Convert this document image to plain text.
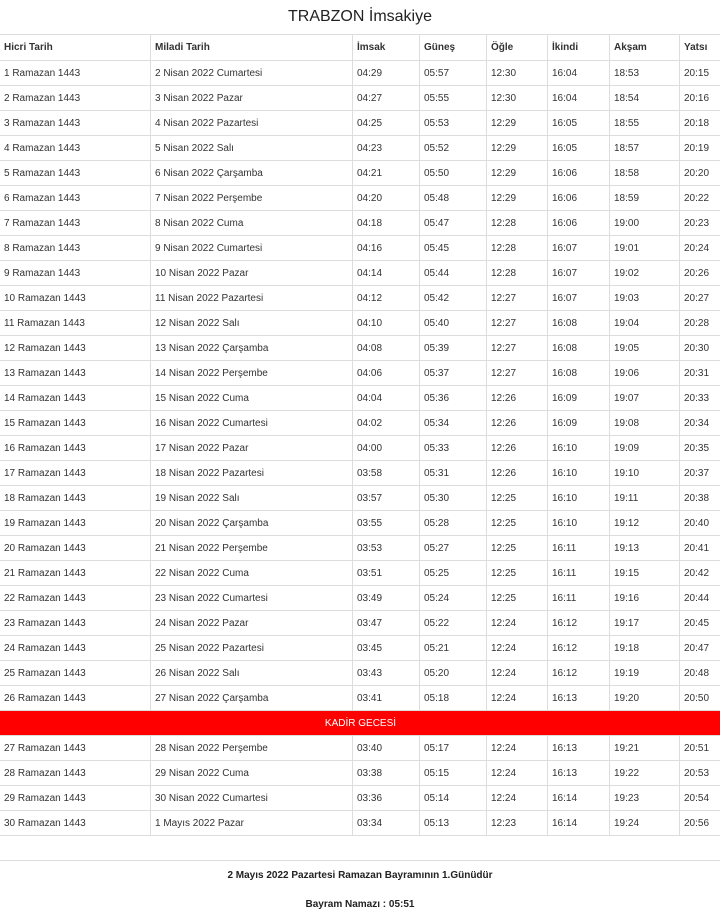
TRABZON İmsakiye
Hicri Tarih	Miladi Tarih	İmsak	Güneş	Öğle	İkindi	Akşam	Yatsı
1 Ramazan 1443	2 Nisan 2022 Cumartesi	04:29	05:57	12:30	16:04	18:53	20:15
2 Ramazan 1443	3 Nisan 2022 Pazar	04:27	05:55	12:30	16:04	18:54	20:16
3 Ramazan 1443	4 Nisan 2022 Pazartesi	04:25	05:53	12:29	16:05	18:55	20:18
4 Ramazan 1443	5 Nisan 2022 Salı	04:23	05:52	12:29	16:05	18:57	20:19
5 Ramazan 1443	6 Nisan 2022 Çarşamba	04:21	05:50	12:29	16:06	18:58	20:20
6 Ramazan 1443	7 Nisan 2022 Perşembe	04:20	05:48	12:29	16:06	18:59	20:22
7 Ramazan 1443	8 Nisan 2022 Cuma	04:18	05:47	12:28	16:06	19:00	20:23
8 Ramazan 1443	9 Nisan 2022 Cumartesi	04:16	05:45	12:28	16:07	19:01	20:24
9 Ramazan 1443	10 Nisan 2022 Pazar	04:14	05:44	12:28	16:07	19:02	20:26
10 Ramazan 1443	11 Nisan 2022 Pazartesi	04:12	05:42	12:27	16:07	19:03	20:27
11 Ramazan 1443	12 Nisan 2022 Salı	04:10	05:40	12:27	16:08	19:04	20:28
12 Ramazan 1443	13 Nisan 2022 Çarşamba	04:08	05:39	12:27	16:08	19:05	20:30
13 Ramazan 1443	14 Nisan 2022 Perşembe	04:06	05:37	12:27	16:08	19:06	20:31
14 Ramazan 1443	15 Nisan 2022 Cuma	04:04	05:36	12:26	16:09	19:07	20:33
15 Ramazan 1443	16 Nisan 2022 Cumartesi	04:02	05:34	12:26	16:09	19:08	20:34
16 Ramazan 1443	17 Nisan 2022 Pazar	04:00	05:33	12:26	16:10	19:09	20:35
17 Ramazan 1443	18 Nisan 2022 Pazartesi	03:58	05:31	12:26	16:10	19:10	20:37
18 Ramazan 1443	19 Nisan 2022 Salı	03:57	05:30	12:25	16:10	19:11	20:38
19 Ramazan 1443	20 Nisan 2022 Çarşamba	03:55	05:28	12:25	16:10	19:12	20:40
20 Ramazan 1443	21 Nisan 2022 Perşembe	03:53	05:27	12:25	16:11	19:13	20:41
21 Ramazan 1443	22 Nisan 2022 Cuma	03:51	05:25	12:25	16:11	19:15	20:42
22 Ramazan 1443	23 Nisan 2022 Cumartesi	03:49	05:24	12:25	16:11	19:16	20:44
23 Ramazan 1443	24 Nisan 2022 Pazar	03:47	05:22	12:24	16:12	19:17	20:45
24 Ramazan 1443	25 Nisan 2022 Pazartesi	03:45	05:21	12:24	16:12	19:18	20:47
25 Ramazan 1443	26 Nisan 2022 Salı	03:43	05:20	12:24	16:12	19:19	20:48
26 Ramazan 1443	27 Nisan 2022 Çarşamba	03:41	05:18	12:24	16:13	19:20	20:50
KADİR GECESİ							
27 Ramazan 1443	28 Nisan 2022 Perşembe	03:40	05:17	12:24	16:13	19:21	20:51
28 Ramazan 1443	29 Nisan 2022 Cuma	03:38	05:15	12:24	16:13	19:22	20:53
29 Ramazan 1443	30 Nisan 2022 Cumartesi	03:36	05:14	12:24	16:14	19:23	20:54
30 Ramazan 1443	1 Mayıs 2022 Pazar	03:34	05:13	12:23	16:14	19:24	20:56
2 Mayıs 2022 Pazartesi Ramazan Bayramının 1.Günüdür
Bayram Namazı : 05:51
